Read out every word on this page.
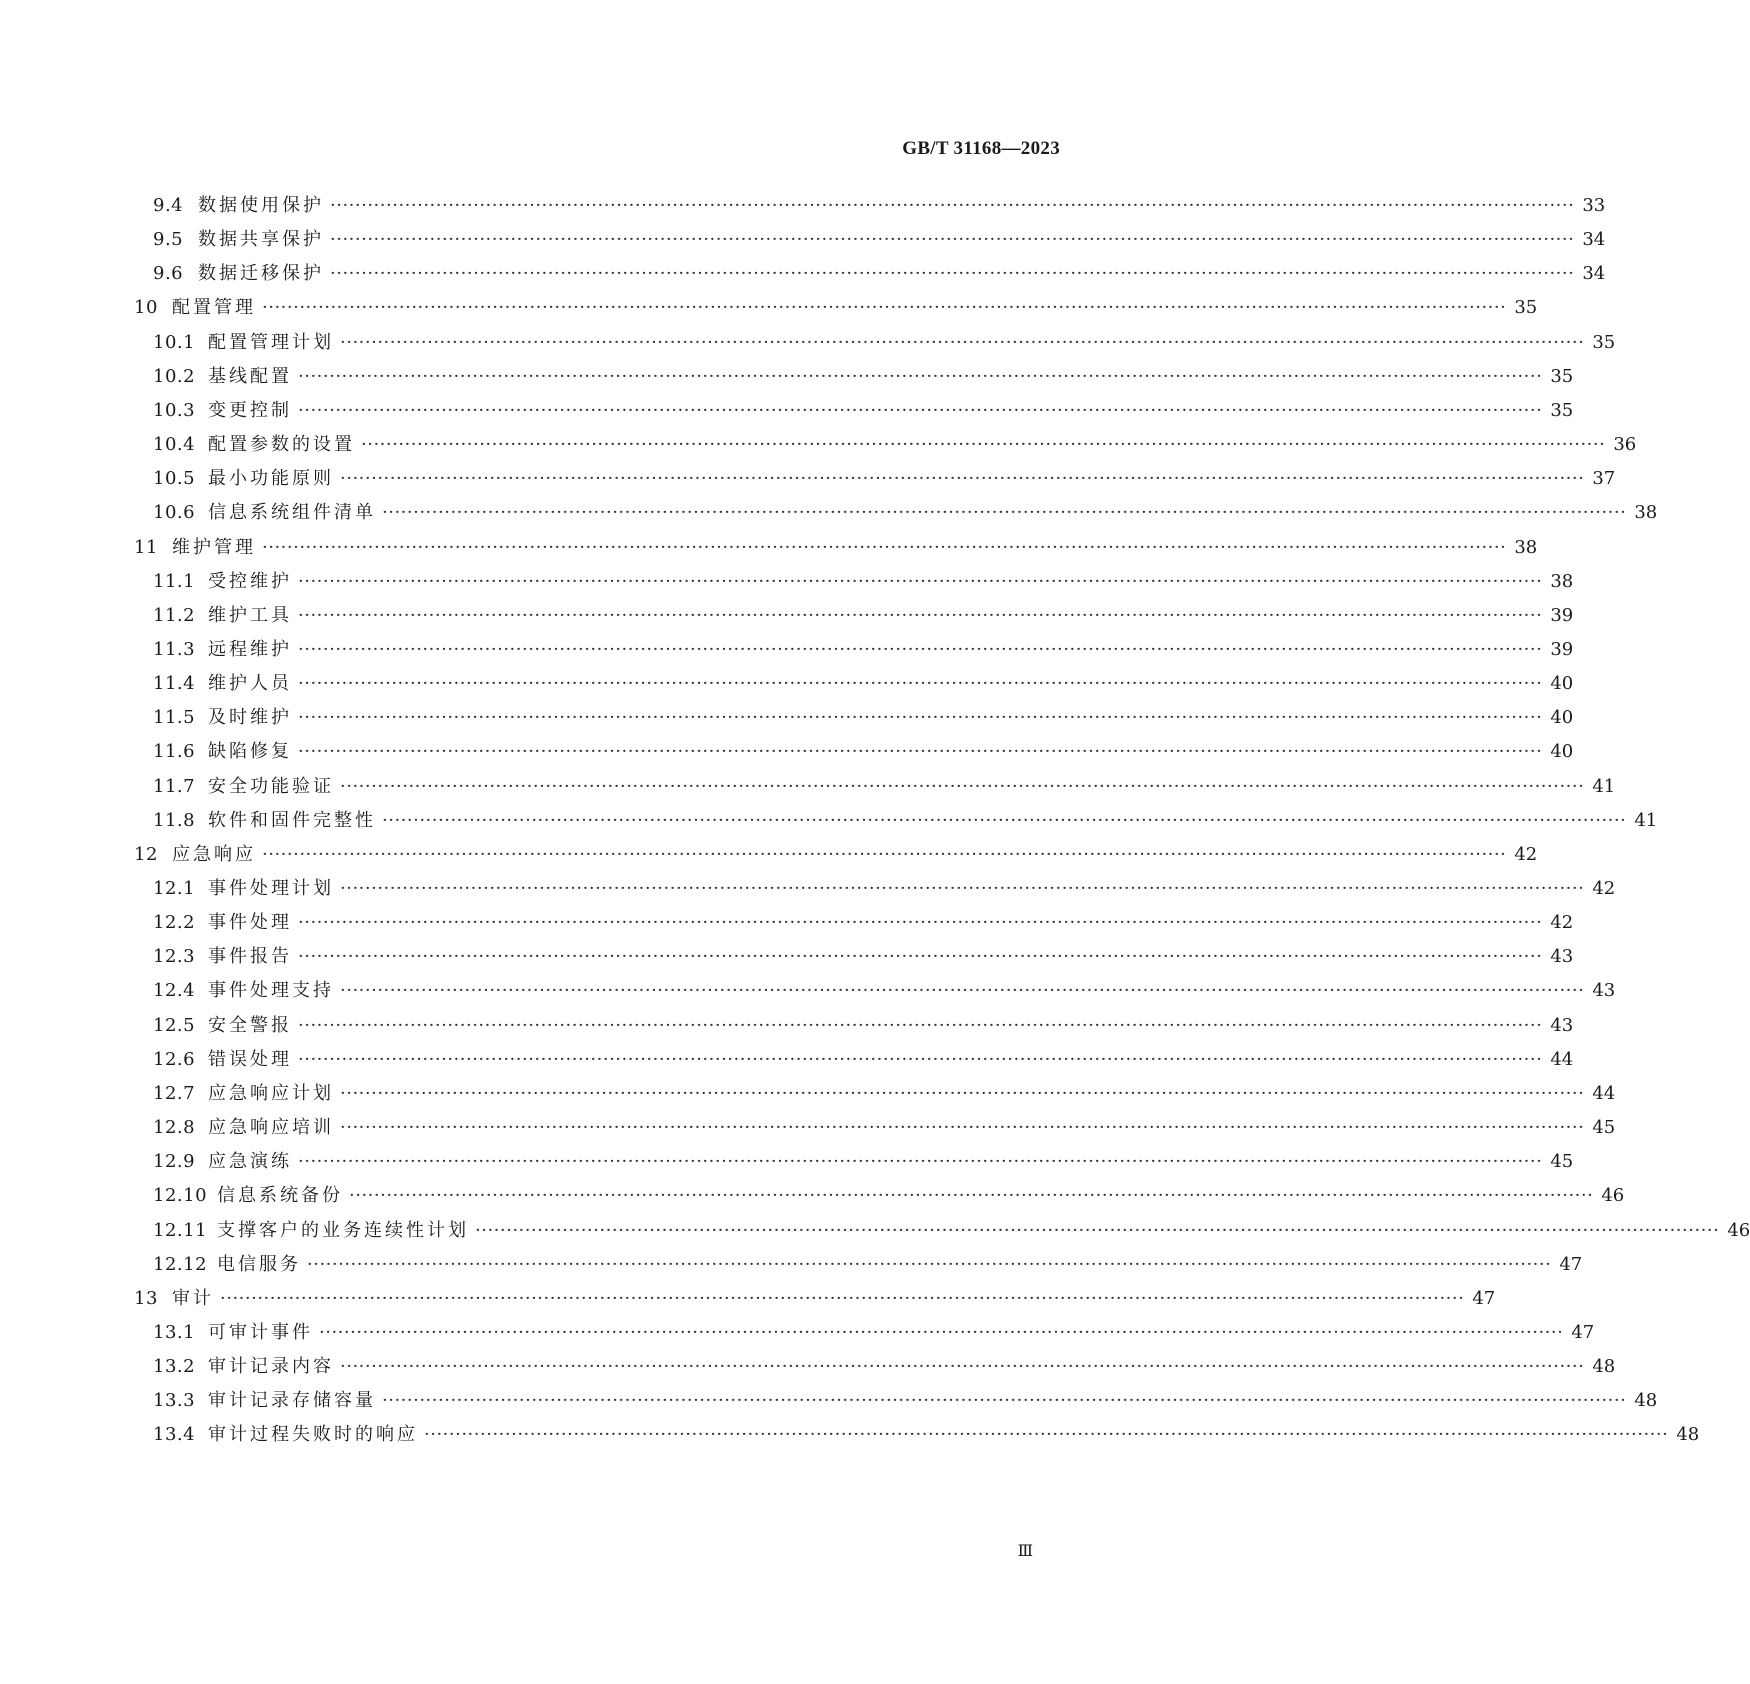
GB/T 31168—2023
9.4 数据使用保护 ········································································································································································································ 33
9.5 数据共享保护 ········································································································································································································ 34
9.6 数据迁移保护 ········································································································································································································ 34
10 配置管理 ········································································································································································································ 35
10.1 配置管理计划 ········································································································································································································ 35
10.2 基线配置 ········································································································································································································ 35
10.3 变更控制 ········································································································································································································ 35
10.4 配置参数的设置 ········································································································································································································ 36
10.5 最小功能原则 ········································································································································································································ 37
10.6 信息系统组件清单 ········································································································································································································ 38
11 维护管理 ········································································································································································································ 38
11.1 受控维护 ········································································································································································································ 38
11.2 维护工具 ········································································································································································································ 39
11.3 远程维护 ········································································································································································································ 39
11.4 维护人员 ········································································································································································································ 40
11.5 及时维护 ········································································································································································································ 40
11.6 缺陷修复 ········································································································································································································ 40
11.7 安全功能验证 ········································································································································································································ 41
11.8 软件和固件完整性 ········································································································································································································ 41
12 应急响应 ········································································································································································································ 42
12.1 事件处理计划 ········································································································································································································ 42
12.2 事件处理 ········································································································································································································ 42
12.3 事件报告 ········································································································································································································ 43
12.4 事件处理支持 ········································································································································································································ 43
12.5 安全警报 ········································································································································································································ 43
12.6 错误处理 ········································································································································································································ 44
12.7 应急响应计划 ········································································································································································································ 44
12.8 应急响应培训 ········································································································································································································ 45
12.9 应急演练 ········································································································································································································ 45
12.10 信息系统备份 ········································································································································································································ 46
12.11 支撑客户的业务连续性计划 ········································································································································································································ 46
12.12 电信服务 ········································································································································································································ 47
13 审计 ········································································································································································································ 47
13.1 可审计事件 ········································································································································································································ 47
13.2 审计记录内容 ········································································································································································································ 48
13.3 审计记录存储容量 ········································································································································································································ 48
13.4 审计过程失败时的响应 ········································································································································································································ 48
Ⅲ
